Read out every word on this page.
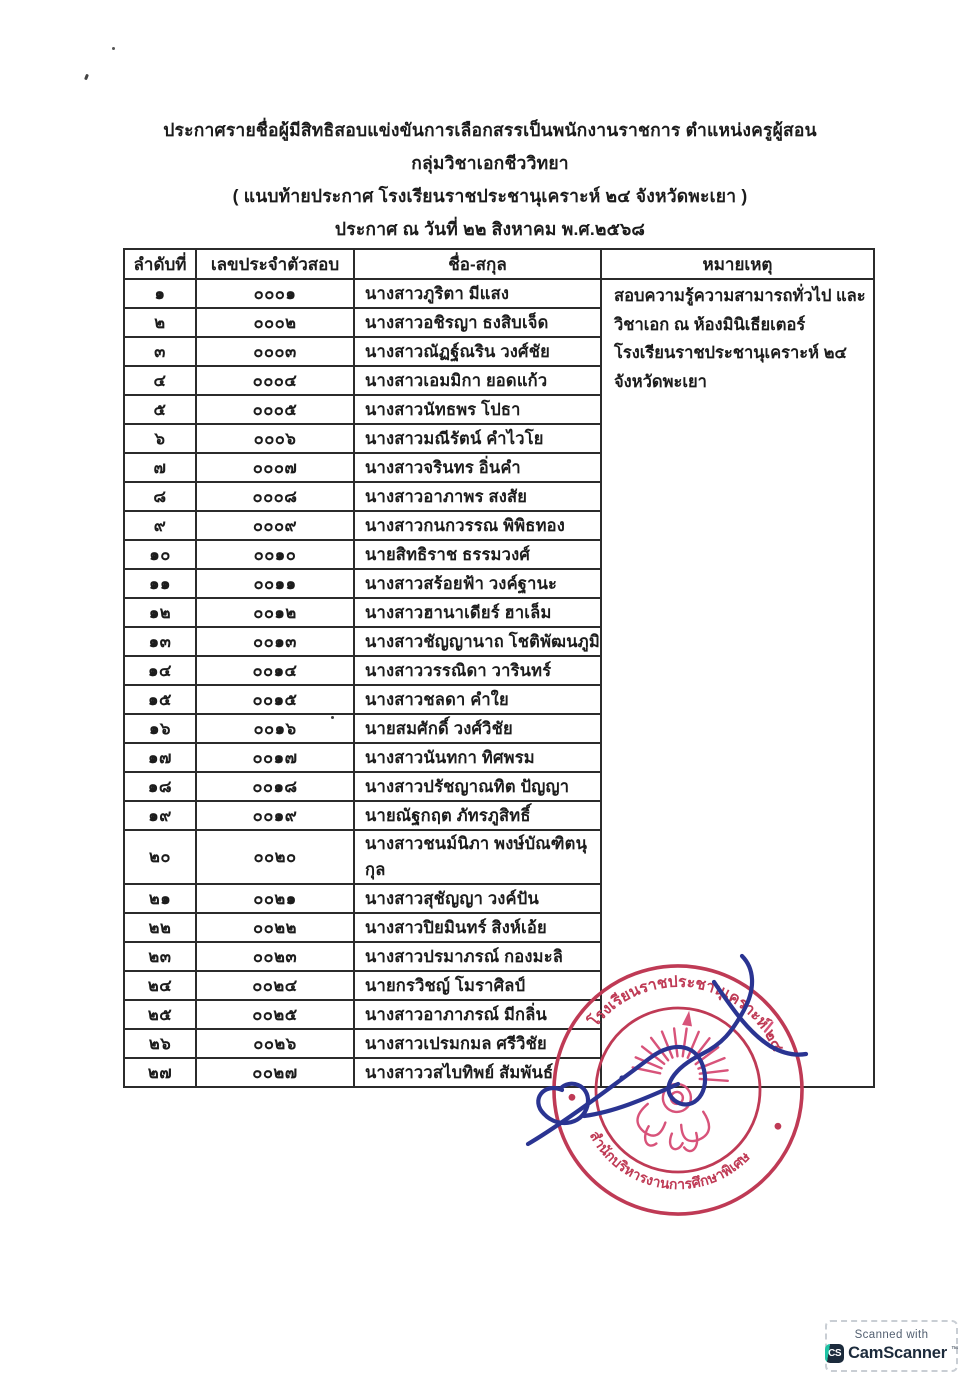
ประกาศรายชื่อผู้มีสิทธิสอบแข่งขันการเลือกสรรเป็นพนักงานราชการ ตำแหน่งครูผู้สอน
กลุ่มวิชาเอกชีววิทยา
( แนบท้ายประกาศ โรงเรียนราชประชานุเคราะห์ ๒๔ จังหวัดพะเยา )
ประกาศ ณ วันที่ ๒๒ สิงหาคม พ.ศ.๒๕๖๘
ลำดับที่	เลขประจำตัวสอบ	ชื่อ-สกุล	หมายเหตุ
๑	๐๐๐๑	นางสาวภูริตา มีแสง	สอบความรู้ความสามารถทั่วไป และ
วิชาเอก ณ ห้องมินิเธียเตอร์
โรงเรียนราชประชานุเคราะห์ ๒๔
จังหวัดพะเยา

๒	๐๐๐๒	นางสาวอชิรญา ธงสิบเจ็ด	
๓	๐๐๐๓	นางสาวณัฏฐ์ณริน วงศ์ชัย	
๔	๐๐๐๔	นางสาวเอมมิกา ยอดแก้ว	
๕	๐๐๐๕	นางสาวนัทธพร โปธา	
๖	๐๐๐๖	นางสาวมณีรัตน์ คำไวโย	
๗	๐๐๐๗	นางสาวจรินทร อิ่นคำ	
๘	๐๐๐๘	นางสาวอาภาพร สงสัย	
๙	๐๐๐๙	นางสาวกนกวรรณ พิพิธทอง	
๑๐	๐๐๑๐	นายสิทธิราช ธรรมวงศ์	
๑๑	๐๐๑๑	นางสาวสร้อยฟ้า วงค์ฐานะ	
๑๒	๐๐๑๒	นางสาวฮานาเดียร์ ฮาเล็ม	
๑๓	๐๐๑๓	นางสาวชัญญานาถ โชติพัฒนภูมิ	
๑๔	๐๐๑๔	นางสาววรรณิดา วารินทร์	
๑๕	๐๐๑๕	นางสาวชลดา คำใย	
๑๖	๐๐๑๖	นายสมศักดิ์ วงศ์วิชัย	
๑๗	๐๐๑๗	นางสาวนันทกา ทิศพรม	
๑๘	๐๐๑๘	นางสาวปรัชญาณทิต ปัญญา	
๑๙	๐๐๑๙	นายณัฐกฤต ภัทรภูสิทธิ์	
๒๐	๐๐๒๐	นางสาวชนม์นิภา พงษ์บัณฑิตนุกุล	
๒๑	๐๐๒๑	นางสาวสุชัญญา วงค์ปัน	
๒๒	๐๐๒๒	นางสาวปิยมินทร์ สิงห์เอ้ย	
๒๓	๐๐๒๓	นางสาวปรมาภรณ์ กองมะลิ	
๒๔	๐๐๒๔	นายกรวิชญ์ โมราศิลป์	
๒๕	๐๐๒๕	นางสาวอาภาภรณ์ มีกลิ่น	
๒๖	๐๐๒๖	นางสาวเปรมกมล ศรีวิชัย	
๒๗	๐๐๒๗	นางสาววสไบทิพย์ สัมพันธ์	
โรงเรียนราชประชานุเคราะห์ ๒๔
สำนักบริหารงานการศึกษาพิเศษ
Scanned with
CS CamScanner ™
